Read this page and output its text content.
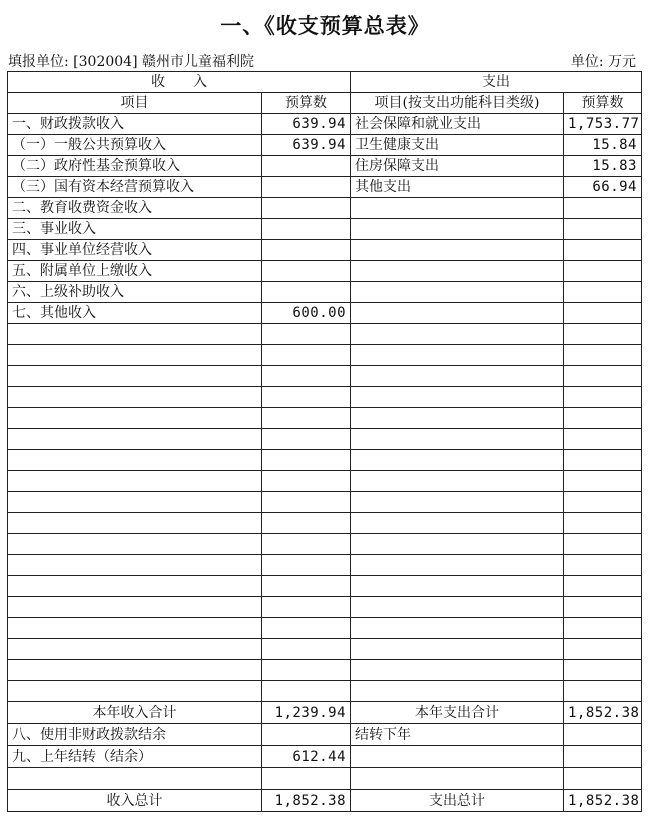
一、《收支预算总表》
填报单位: [302004] 赣州市儿童福利院	单位: 万元
收　　入		支出	
项目	预算数	项目(按支出功能科目类级)	预算数
一、财政拨款收入	639.94	社会保障和就业支出	1,753.77
（一）一般公共预算收入	639.94	卫生健康支出	15.84
（二）政府性基金预算收入		住房保障支出	15.83
（三）国有资本经营预算收入		其他支出	66.94
二、教育收费资金收入			
三、事业收入			
四、事业单位经营收入			
五、附属单位上缴收入			
六、上级补助收入			
七、其他收入	600.00		

本年收入合计	1,239.94	本年支出合计	1,852.38
八、使用非财政拨款结余		结转下年	
九、上年结转（结余）	612.44		

收入总计	1,852.38	支出总计	1,852.38
